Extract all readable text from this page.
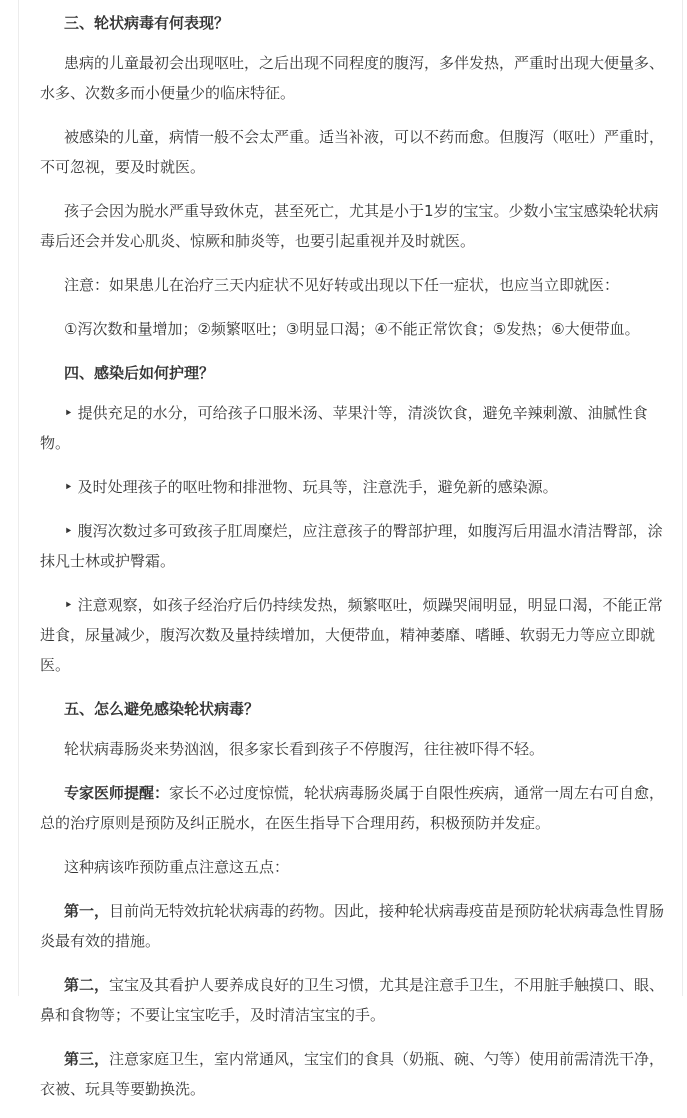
三、轮状病毒有何表现？

患病的儿童最初会出现呕吐，之后出现不同程度的腹泻，多伴发热，严重时出现大便量多、水多、次数多而小便量少的临床特征。

被感染的儿童，病情一般不会太严重。适当补液，可以不药而愈。但腹泻（呕吐）严重时，不可忽视，要及时就医。

孩子会因为脱水严重导致休克，甚至死亡，尤其是小于1岁的宝宝。少数小宝宝感染轮状病毒后还会并发心肌炎、惊厥和肺炎等，也要引起重视并及时就医。

注意：如果患儿在治疗三天内症状不见好转或出现以下任一症状，也应当立即就医：

①泻次数和量增加；②频繁呕吐；③明显口渴；④不能正常饮食；⑤发热；⑥大便带血。

四、感染后如何护理？

‣ 提供充足的水分，可给孩子口服米汤、苹果汁等，清淡饮食，避免辛辣刺激、油腻性食物。

‣ 及时处理孩子的呕吐物和排泄物、玩具等，注意洗手，避免新的感染源。

‣ 腹泻次数过多可致孩子肛周糜烂，应注意孩子的臀部护理，如腹泻后用温水清洁臀部，涂抹凡士林或护臀霜。

‣ 注意观察，如孩子经治疗后仍持续发热，频繁呕吐，烦躁哭闹明显，明显口渴，不能正常进食，尿量减少，腹泻次数及量持续增加，大便带血，精神萎靡、嗜睡、软弱无力等应立即就医。

五、怎么避免感染轮状病毒？

轮状病毒肠炎来势汹汹，很多家长看到孩子不停腹泻，往往被吓得不轻。

专家医师提醒：家长不必过度惊慌，轮状病毒肠炎属于自限性疾病，通常一周左右可自愈，总的治疗原则是预防及纠正脱水，在医生指导下合理用药，积极预防并发症。

这种病该咋预防重点注意这五点：

第一，目前尚无特效抗轮状病毒的药物。因此，接种轮状病毒疫苗是预防轮状病毒急性胃肠炎最有效的措施。

第二，宝宝及其看护人要养成良好的卫生习惯，尤其是注意手卫生，不用脏手触摸口、眼、鼻和食物等；不要让宝宝吃手，及时清洁宝宝的手。

第三，注意家庭卫生，室内常通风，宝宝们的食具（奶瓶、碗、勺等）使用前需清洗干净，衣被、玩具等要勤换洗。
